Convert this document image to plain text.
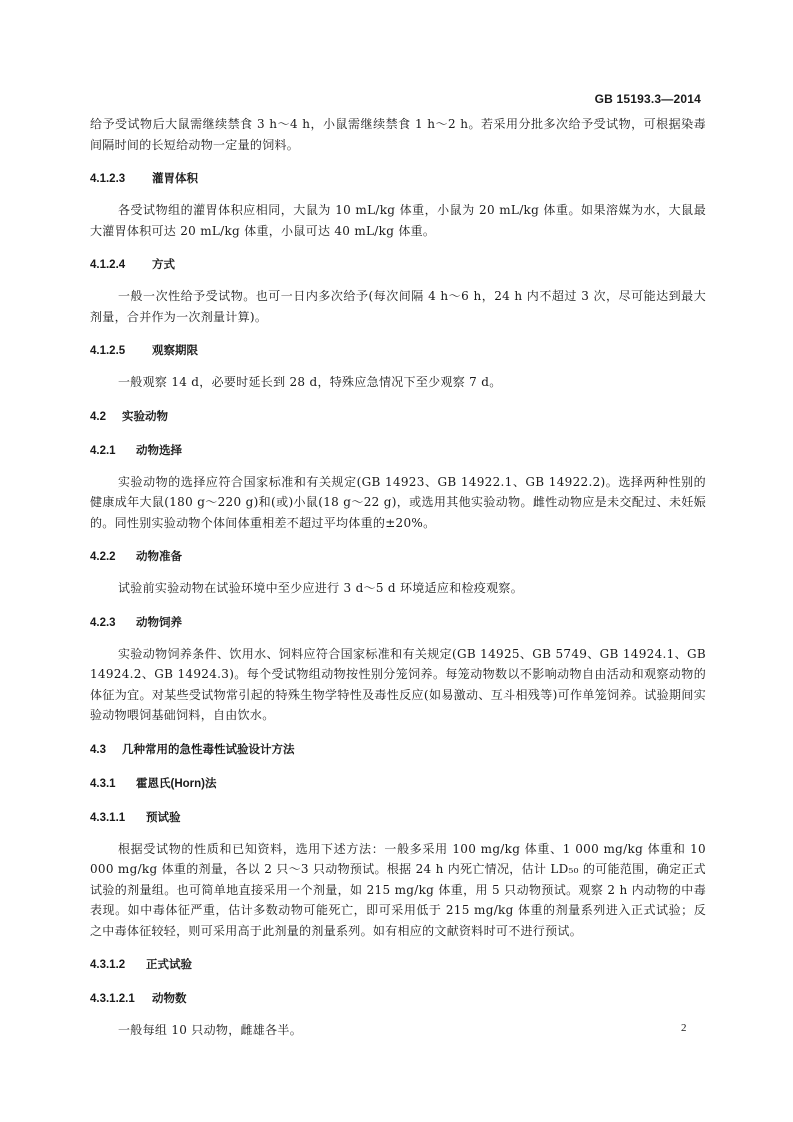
GB 15193.3—2014

给予受试物后大鼠需继续禁食 3 h～4 h，小鼠需继续禁食 1 h～2 h。若采用分批多次给予受试物，可根据染毒间隔时间的长短给动物一定量的饲料。

4.1.2.3	灌胃体积

各受试物组的灌胃体积应相同，大鼠为 10 mL/kg 体重，小鼠为 20 mL/kg 体重。如果溶媒为水，大鼠最大灌胃体积可达 20 mL/kg 体重，小鼠可达 40 mL/kg 体重。

4.1.2.4	方式

一般一次性给予受试物。也可一日内多次给予(每次间隔 4 h～6 h，24 h 内不超过 3 次，尽可能达到最大剂量，合并作为一次剂量计算)。

4.1.2.5	观察期限

一般观察 14 d，必要时延长到 28 d，特殊应急情况下至少观察 7 d。

4.2	实验动物
4.2.1	动物选择

实验动物的选择应符合国家标准和有关规定(GB 14923、GB 14922.1、GB 14922.2)。选择两种性别的健康成年大鼠(180 g～220 g)和(或)小鼠(18 g～22 g)，或选用其他实验动物。雌性动物应是未交配过、未妊娠的。同性别实验动物个体间体重相差不超过平均体重的±20%。

4.2.2	动物准备

试验前实验动物在试验环境中至少应进行 3 d～5 d 环境适应和检疫观察。

4.2.3	动物饲养

实验动物饲养条件、饮用水、饲料应符合国家标准和有关规定(GB 14925、GB 5749、GB 14924.1、GB 14924.2、GB 14924.3)。每个受试物组动物按性别分笼饲养。每笼动物数以不影响动物自由活动和观察动物的体征为宜。对某些受试物常引起的特殊生物学特性及毒性反应(如易激动、互斗相残等)可作单笼饲养。试验期间实验动物喂饲基础饲料，自由饮水。

4.3	几种常用的急性毒性试验设计方法
4.3.1	霍恩氏(Horn)法
4.3.1.1	预试验

根据受试物的性质和已知资料，选用下述方法：一般多采用 100 mg/kg 体重、1 000 mg/kg 体重和 10 000 mg/kg 体重的剂量，各以 2 只～3 只动物预试。根据 24 h 内死亡情况，估计 LD₅₀ 的可能范围，确定正式试验的剂量组。也可简单地直接采用一个剂量，如 215 mg/kg 体重，用 5 只动物预试。观察 2 h 内动物的中毒表现。如中毒体征严重，估计多数动物可能死亡，即可采用低于 215 mg/kg 体重的剂量系列进入正式试验；反之中毒体征较轻，则可采用高于此剂量的剂量系列。如有相应的文献资料时可不进行预试。

4.3.1.2	正式试验
4.3.1.2.1	动物数

一般每组 10 只动物，雌雄各半。	2
